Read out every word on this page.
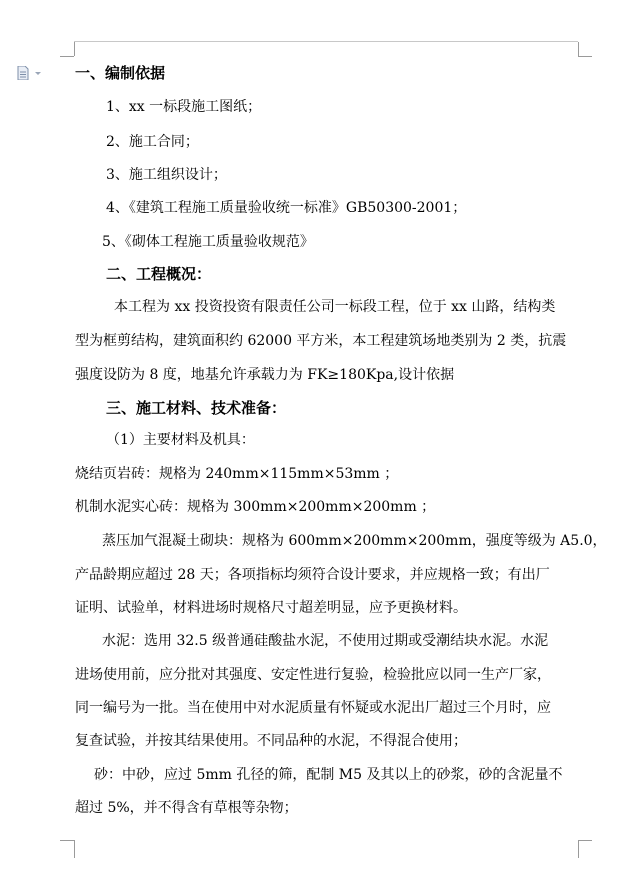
一、编制依据
1、xx 一标段施工图纸；
2、施工合同；
3、施工组织设计；
4、《建筑工程施工质量验收统一标准》GB50300-2001；
5、《砌体工程施工质量验收规范》
二、工程概况：
本工程为 xx 投资投资有限责任公司一标段工程，位于 xx 山路，结构类
型为框剪结构，建筑面积约 62000 平方米，本工程建筑场地类别为 2 类，抗震
强度设防为 8 度，地基允许承载力为 FK≥180Kpa,设计依据
三、施工材料、技术准备：
（1）主要材料及机具：
烧结页岩砖：规格为 240mm×115mm×53mm ；
机制水泥实心砖：规格为 300mm×200mm×200mm ；
蒸压加气混凝土砌块：规格为 600mm×200mm×200mm，强度等级为 A5.0，
产品龄期应超过 28 天；各项指标均须符合设计要求，并应规格一致；有出厂
证明、试验单，材料进场时规格尺寸超差明显，应予更换材料。
水泥：选用 32.5 级普通硅酸盐水泥，不使用过期或受潮结块水泥。水泥
进场使用前，应分批对其强度、安定性进行复验，检验批应以同一生产厂家，
同一编号为一批。当在使用中对水泥质量有怀疑或水泥出厂超过三个月时，应
复查试验，并按其结果使用。不同品种的水泥，不得混合使用；
砂：中砂，应过 5mm 孔径的筛，配制 M5 及其以上的砂浆，砂的含泥量不
超过 5%，并不得含有草根等杂物；
